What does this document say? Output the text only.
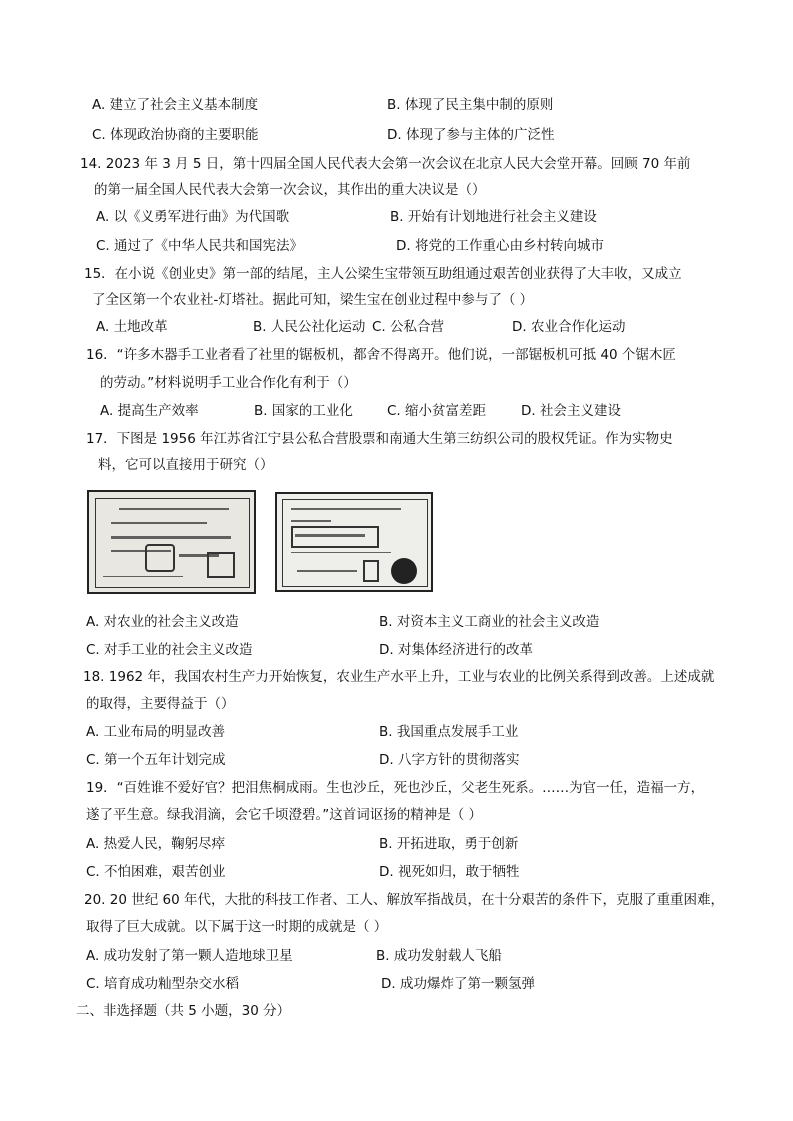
A. 建立了社会主义基本制度	B. 体现了民主集中制的原则
C. 体现政治协商的主要职能	D. 体现了参与主体的广泛性
14. 2023 年 3 月 5 日，第十四届全国人民代表大会第一次会议在北京人民大会堂开幕。回顾 70 年前
的第一届全国人民代表大会第一次会议，其作出的重大决议是（）
A. 以《义勇军进行曲》为代国歌	B. 开始有计划地进行社会主义建设
C. 通过了《中华人民共和国宪法》	D. 将党的工作重心由乡村转向城市
15．在小说《创业史》第一部的结尾，主人公梁生宝带领互助组通过艰苦创业获得了大丰收，又成立
了全区第一个农业社-灯塔社。据此可知，梁生宝在创业过程中参与了（ ）
A. 土地改革	B. 人民公社化运动 C. 公私合营	D. 农业合作化运动
16．“许多木器手工业者看了社里的锯板机，都舍不得离开。他们说，一部锯板机可抵 40 个锯木匠
的劳动。”材料说明手工业合作化有利于（）
A. 提高生产效率	B. 国家的工业化	C. 缩小贫富差距	D. 社会主义建设
17．下图是 1956 年江苏省江宁县公私合营股票和南通大生第三纺织公司的股权凭证。作为实物史
料，它可以直接用于研究（）
A. 对农业的社会主义改造	B. 对资本主义工商业的社会主义改造
C. 对手工业的社会主义改造	D. 对集体经济进行的改革
18. 1962 年，我国农村生产力开始恢复，农业生产水平上升，工业与农业的比例关系得到改善。上述成就
的取得，主要得益于（）
A. 工业布局的明显改善	B. 我国重点发展手工业
C. 第一个五年计划完成	D. 八字方针的贯彻落实
19．“百姓谁不爱好官？把泪焦桐成雨。生也沙丘，死也沙丘，父老生死系。……为官一任，造福一方，
遂了平生意。绿我涓滴，会它千顷澄碧。”这首词讴扬的精神是（ ）
A. 热爱人民，鞠躬尽瘁	B. 开拓进取，勇于创新
C. 不怕困难，艰苦创业	D. 视死如归，敢于牺牲
20. 20 世纪 60 年代，大批的科技工作者、工人、解放军指战员，在十分艰苦的条件下，克服了重重困难，
取得了巨大成就。以下属于这一时期的成就是（ ）
A. 成功发射了第一颗人造地球卫星	B. 成功发射载人飞船
C. 培育成功籼型杂交水稻	D. 成功爆炸了第一颗氢弹
二、非选择题（共 5 小题，30 分）
